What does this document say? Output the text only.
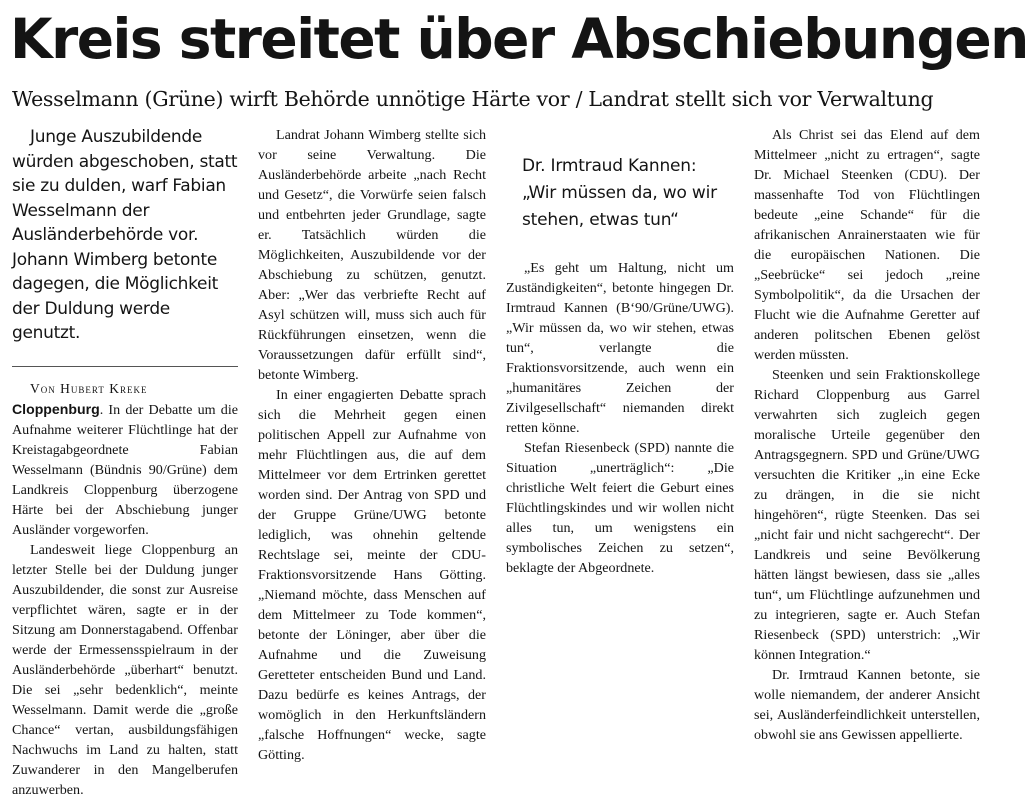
Kreis streitet über Abschiebungen
Wesselmann (Grüne) wirft Behörde unnötige Härte vor / Landrat stellt sich vor Verwaltung

Junge Auszubildende würden abgeschoben, statt sie zu dulden, warf Fabian Wesselmann der Ausländerbehörde vor. Johann Wimberg betonte dagegen, die Möglichkeit der Duldung werde genutzt.

Von Hubert Kreke

Cloppenburg. In der Debatte um die Aufnahme weiterer Flüchtlinge hat der Kreistagabgeordnete Fabian Wesselmann (Bündnis 90/Grüne) dem Landkreis Cloppenburg überzogene Härte bei der Abschiebung junger Ausländer vorgeworfen.

Landesweit liege Cloppenburg an letzter Stelle bei der Duldung junger Auszubildender, die sonst zur Ausreise verpflichtet wären, sagte er in der Sitzung am Donnerstagabend. Offenbar werde der Ermessensspielraum in der Ausländerbehörde „überhart“ benutzt. Die sei „sehr bedenklich“, meinte Wesselmann. Damit werde die „große Chance“ vertan, ausbildungsfähigen Nachwuchs im Land zu halten, statt Zuwanderer in den Mangelberufen anzuwerben.

Landrat Johann Wimberg stellte sich vor seine Verwaltung. Die Ausländerbehörde arbeite „nach Recht und Gesetz“, die Vorwürfe seien falsch und entbehrten jeder Grundlage, sagte er. Tatsächlich würden die Möglichkeiten, Auszubildende vor der Abschiebung zu schützen, genutzt. Aber: „Wer das verbriefte Recht auf Asyl schützen will, muss sich auch für Rückführungen einsetzen, wenn die Voraussetzungen dafür erfüllt sind“, betonte Wimberg.

In einer engagierten Debatte sprach sich die Mehrheit gegen einen politischen Appell zur Aufnahme von mehr Flüchtlingen aus, die auf dem Mittelmeer vor dem Ertrinken gerettet worden sind. Der Antrag von SPD und der Gruppe Grüne/UWG betonte lediglich, was ohnehin geltende Rechtslage sei, meinte der CDU-Fraktionsvorsitzende Hans Götting. „Niemand möchte, dass Menschen auf dem Mittelmeer zu Tode kommen“, betonte der Löninger, aber über die Aufnahme und die Zuweisung Geretteter entscheiden Bund und Land. Dazu bedürfe es keines Antrags, der womöglich in den Herkunftsländern „falsche Hoffnungen“ wecke, sagte Götting.

Dr. Irmtraud Kannen:
„Wir müssen da, wo wir stehen, etwas tun“

„Es geht um Haltung, nicht um Zuständigkeiten“, betonte hingegen Dr. Irmtraud Kannen (B‘90/Grüne/UWG). „Wir müssen da, wo wir stehen, etwas tun“, verlangte die Fraktionsvorsitzende, auch wenn ein „humanitäres Zeichen der Zivilgesellschaft“ niemanden direkt retten könne.

Stefan Riesenbeck (SPD) nannte die Situation „unerträglich“: „Die christliche Welt feiert die Geburt eines Flüchtlingskindes und wir wollen nicht alles tun, um wenigstens ein symbolisches Zeichen zu setzen“, beklagte der Abgeordnete.

Als Christ sei das Elend auf dem Mittelmeer „nicht zu ertragen“, sagte Dr. Michael Steenken (CDU). Der massenhafte Tod von Flüchtlingen bedeute „eine Schande“ für die afrikanischen Anrainerstaaten wie für die europäischen Nationen. Die „Seebrücke“ sei jedoch „reine Symbolpolitik“, da die Ursachen der Flucht wie die Aufnahme Geretter auf anderen politschen Ebenen gelöst werden müssten.

Steenken und sein Fraktionskollege Richard Cloppenburg aus Garrel verwahrten sich zugleich gegen moralische Urteile gegenüber den Antragsgegnern. SPD und Grüne/UWG versuchten die Kritiker „in eine Ecke zu drängen, in die sie nicht hingehören“, rügte Steenken. Das sei „nicht fair und nicht sachgerecht“. Der Landkreis und seine Bevölkerung hätten längst bewiesen, dass sie „alles tun“, um Flüchtlinge aufzunehmen und zu integrieren, sagte er. Auch Stefan Riesenbeck (SPD) unterstrich: „Wir können Integration.“

Dr. Irmtraud Kannen betonte, sie wolle niemandem, der anderer Ansicht sei, Ausländerfeindlichkeit unterstellen, obwohl sie ans Gewissen appellierte.
